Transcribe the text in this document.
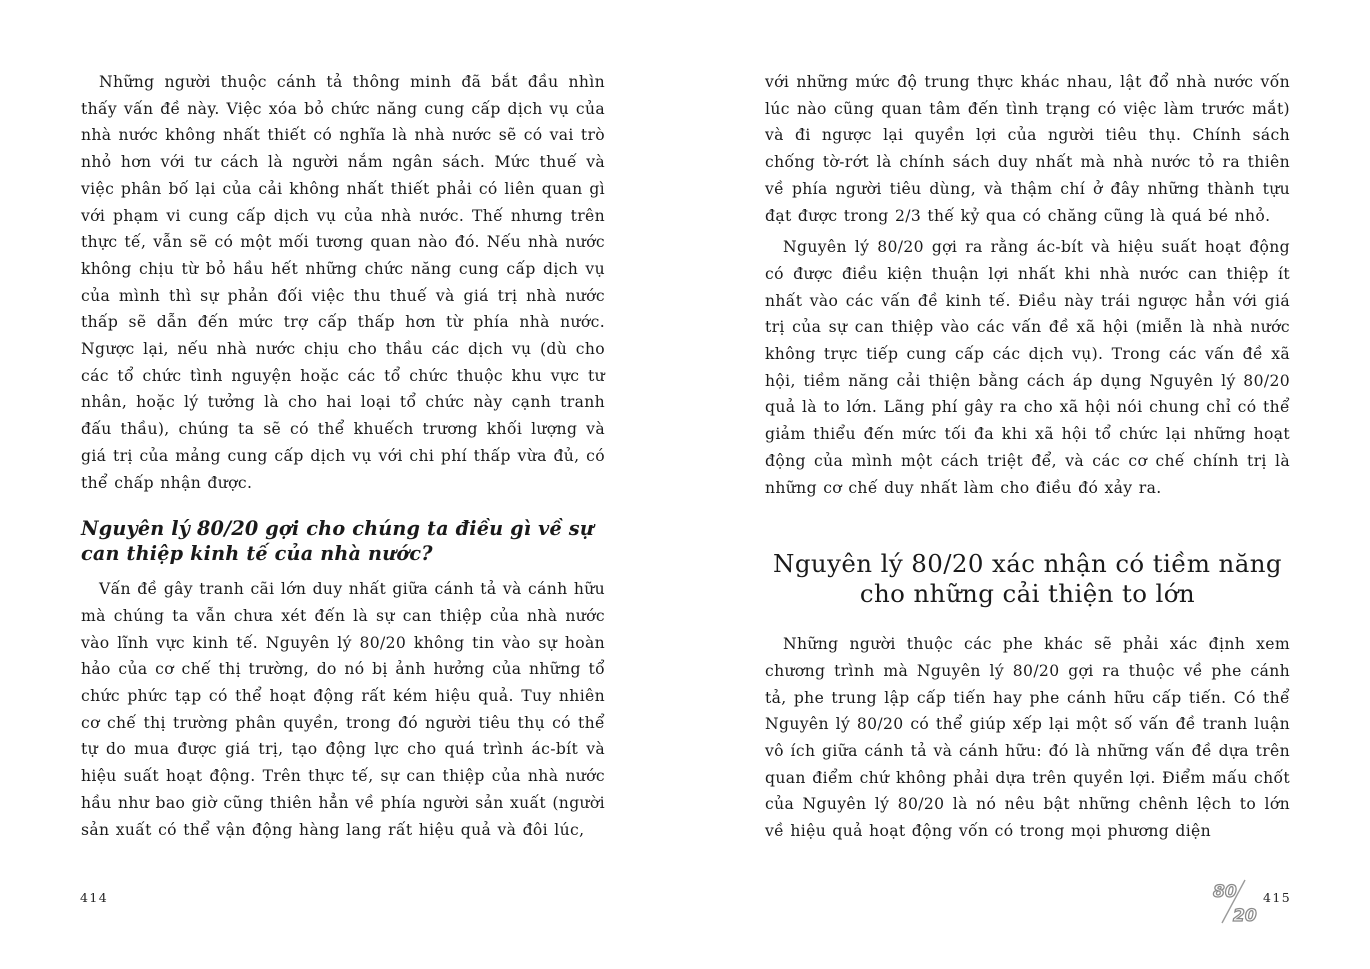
Những người thuộc cánh tả thông minh đã bắt đầu nhìn thấy vấn đề này. Việc xóa bỏ chức năng cung cấp dịch vụ của nhà nước không nhất thiết có nghĩa là nhà nước sẽ có vai trò nhỏ hơn với tư cách là người nắm ngân sách. Mức thuế và việc phân bố lại của cải không nhất thiết phải có liên quan gì với phạm vi cung cấp dịch vụ của nhà nước. Thế nhưng trên thực tế, vẫn sẽ có một mối tương quan nào đó. Nếu nhà nước không chịu từ bỏ hầu hết những chức năng cung cấp dịch vụ của mình thì sự phản đối việc thu thuế và giá trị nhà nước thấp sẽ dẫn đến mức trợ cấp thấp hơn từ phía nhà nước. Ngược lại, nếu nhà nước chịu cho thầu các dịch vụ (dù cho các tổ chức tình nguyện hoặc các tổ chức thuộc khu vực tư nhân, hoặc lý tưởng là cho hai loại tổ chức này cạnh tranh đấu thầu), chúng ta sẽ có thể khuếch trương khối lượng và giá trị của mảng cung cấp dịch vụ với chi phí thấp vừa đủ, có thể chấp nhận được.

Nguyên lý 80/20 gợi cho chúng ta điều gì về sự can thiệp kinh tế của nhà nước?

Vấn đề gây tranh cãi lớn duy nhất giữa cánh tả và cánh hữu mà chúng ta vẫn chưa xét đến là sự can thiệp của nhà nước vào lĩnh vực kinh tế. Nguyên lý 80/20 không tin vào sự hoàn hảo của cơ chế thị trường, do nó bị ảnh hưởng của những tổ chức phức tạp có thể hoạt động rất kém hiệu quả. Tuy nhiên cơ chế thị trường phân quyền, trong đó người tiêu thụ có thể tự do mua được giá trị, tạo động lực cho quá trình ác-bít và hiệu suất hoạt động. Trên thực tế, sự can thiệp của nhà nước hầu như bao giờ cũng thiên hẳn về phía người sản xuất (người sản xuất có thể vận động hàng lang rất hiệu quả và đôi lúc,

414

với những mức độ trung thực khác nhau, lật đổ nhà nước vốn lúc nào cũng quan tâm đến tình trạng có việc làm trước mắt) và đi ngược lại quyền lợi của người tiêu thụ. Chính sách chống tờ-rớt là chính sách duy nhất mà nhà nước tỏ ra thiên về phía người tiêu dùng, và thậm chí ở đây những thành tựu đạt được trong 2/3 thế kỷ qua có chăng cũng là quá bé nhỏ.

Nguyên lý 80/20 gợi ra rằng ác-bít và hiệu suất hoạt động có được điều kiện thuận lợi nhất khi nhà nước can thiệp ít nhất vào các vấn đề kinh tế. Điều này trái ngược hẳn với giá trị của sự can thiệp vào các vấn đề xã hội (miễn là nhà nước không trực tiếp cung cấp các dịch vụ). Trong các vấn đề xã hội, tiềm năng cải thiện bằng cách áp dụng Nguyên lý 80/20 quả là to lớn. Lãng phí gây ra cho xã hội nói chung chỉ có thể giảm thiểu đến mức tối đa khi xã hội tổ chức lại những hoạt động của mình một cách triệt để, và các cơ chế chính trị là những cơ chế duy nhất làm cho điều đó xảy ra.

Nguyên lý 80/20 xác nhận có tiềm năng
cho những cải thiện to lớn

Những người thuộc các phe khác sẽ phải xác định xem chương trình mà Nguyên lý 80/20 gợi ra thuộc về phe cánh tả, phe trung lập cấp tiến hay phe cánh hữu cấp tiến. Có thể Nguyên lý 80/20 có thể giúp xếp lại một số vấn đề tranh luận vô ích giữa cánh tả và cánh hữu: đó là những vấn đề dựa trên quan điểm chứ không phải dựa trên quyền lợi. Điểm mấu chốt của Nguyên lý 80/20 là nó nêu bật những chênh lệch to lớn về hiệu quả hoạt động vốn có trong mọi phương diện

80
20
415
